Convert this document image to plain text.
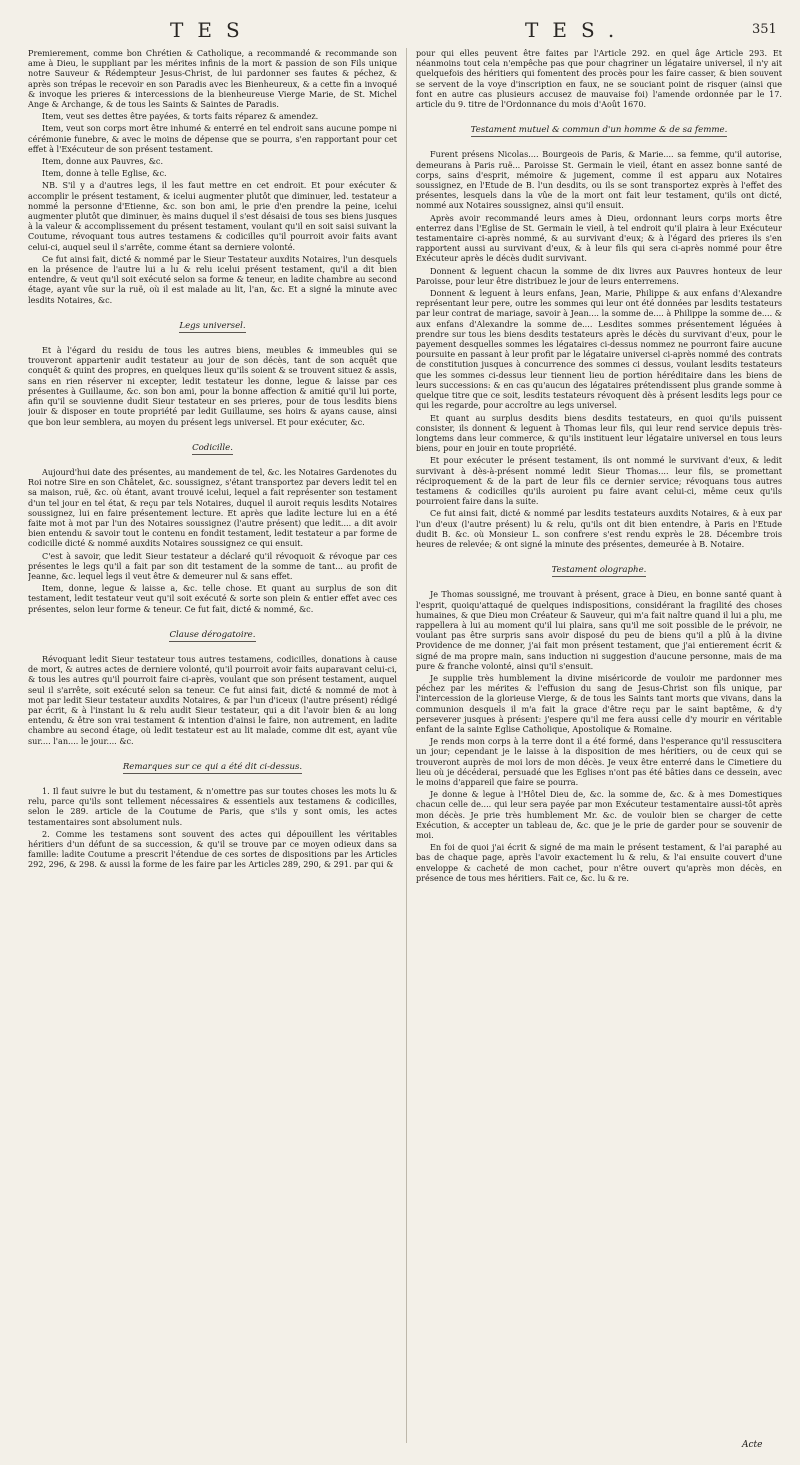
TES	TES.	351

Premierement, comme bon Chrétien & Catholique, a recommandé & recommande son ame à Dieu, le suppliant par les mérites infinis de la mort & passion de son Fils unique notre Sauveur & Rédempteur Jesus-Christ, de lui pardonner ses fautes & péchez, & après son trépas le recevoir en son Paradis avec les Bienheureux, & a cette fin a invoqué & invoque les prieres & intercessions de la bienheureuse Vierge Marie, de St. Michel Ange & Archange, & de tous les Saints & Saintes de Paradis.

Item, veut ses dettes être payées, & torts faits réparez & amendez.

Item, veut son corps mort être inhumé & enterré en tel endroit sans aucune pompe ni cérémonie funebre, & avec le moins de dépense que se pourra, s'en rapportant pour cet effet à l'Exécuteur de son présent testament.

Item, donne aux Pauvres, &c.

Item, donne à telle Eglise, &c.

NB. S'il y a d'autres legs, il les faut mettre en cet endroit. Et pour exécuter & accomplir le présent testament, & icelui augmenter plutôt que diminuer, led. testateur a nommé la personne d'Etienne, &c. son bon ami, le prie d'en prendre la peine, icelui augmenter plutôt que diminuer, ès mains duquel il s'est désaisi de tous ses biens jusques à la valeur & accomplissement du présent testament, voulant qu'il en soit saisi suivant la Coutume, révoquant tous autres testamens & codicilles qu'il pourroit avoir faits avant celui-ci, auquel seul il s'arrête, comme étant sa derniere volonté.

Ce fut ainsi fait, dicté & nommé par le Sieur Testateur auxdits Notaires, l'un desquels en la présence de l'autre lui a lu & relu icelui présent testament, qu'il a dit bien entendre, & veut qu'il soit exécuté selon sa forme & teneur, en ladite chambre au second étage, ayant vûe sur la ruë, où il est malade au lit, l'an, &c. Et a signé la minute avec lesdits Notaires, &c.

Legs universel.

Et à l'égard du residu de tous les autres biens, meubles & immeubles qui se trouveront appartenir audit testateur au jour de son décès, tant de son acquêt que conquêt & quint des propres, en quelques lieux qu'ils soient & se trouvent situez & assis, sans en rien réserver ni excepter, ledit testateur les donne, legue & laisse par ces présentes à Guillaume, &c. son bon ami, pour la bonne affection & amitié qu'il lui porte, afin qu'il se souvienne dudit Sieur testateur en ses prieres, pour de tous lesdits biens jouir & disposer en toute propriété par ledit Guillaume, ses hoirs & ayans cause, ainsi que bon leur semblera, au moyen du présent legs universel. Et pour exécuter, &c.

Codicille.

Aujourd'hui date des présentes, au mandement de tel, &c. les Notaires Gardenotes du Roi notre Sire en son Châtelet, &c. soussignez, s'étant transportez par devers ledit tel en sa maison, ruë, &c. où étant, avant trouvé icelui, lequel a fait représenter son testament d'un tel jour en tel état, & reçu par tels Notaires, duquel il auroit requis lesdits Notaires soussignez, lui en faire présentement lecture. Et après que ladite lecture lui en a été faite mot à mot par l'un des Notaires soussignez (l'autre présent) que ledit.... a dit avoir bien entendu & savoir tout le contenu en fondit testament, ledit testateur a par forme de codicille dicté & nommé auxdits Notaires soussignez ce qui ensuit.

C'est à savoir, que ledit Sieur testateur a déclaré qu'il révoquoit & révoque par ces présentes le legs qu'il a fait par son dit testament de la somme de tant... au profit de Jeanne, &c. lequel legs il veut être & demeurer nul & sans effet.

Item, donne, legue & laisse a, &c. telle chose. Et quant au surplus de son dit testament, ledit testateur veut qu'il soit exécuté & sorte son plein & entier effet avec ces présentes, selon leur forme & teneur. Ce fut fait, dicté & nommé, &c.

Clause dérogatoire.

Révoquant ledit Sieur testateur tous autres testamens, codicilles, donations à cause de mort, & autres actes de derniere volonté, qu'il pourroit avoir faits auparavant celui-ci, & tous les autres qu'il pourroit faire ci-après, voulant que son présent testament, auquel seul il s'arrête, soit exécuté selon sa teneur. Ce fut ainsi fait, dicté & nommé de mot à mot par ledit Sieur testateur auxdits Notaires, & par l'un d'iceux (l'autre présent) rédigé par écrit, & à l'instant lu & relu audit Sieur testateur, qui a dit l'avoir bien & au long entendu, & être son vrai testament & intention d'ainsi le faire, non autrement, en ladite chambre au second étage, où ledit testateur est au lit malade, comme dit est, ayant vûe sur.... l'an.... le jour.... &c.

Remarques sur ce qui a été dit ci-dessus.

1. Il faut suivre le but du testament, & n'omettre pas sur toutes choses les mots lu & relu, parce qu'ils sont tellement nécessaires & essentiels aux testamens & codicilles, selon le 289. article de la Coutume de Paris, que s'ils y sont omis, les actes testamentaires sont absolument nuls.

2. Comme les testamens sont souvent des actes qui dépouillent les véritables héritiers d'un défunt de sa succession, & qu'il se trouve par ce moyen odieux dans sa famille: ladite Coutume a prescrit l'étendue de ces sortes de dispositions par les Articles 292, 296, & 298. & aussi la forme de les faire par les Articles 289, 290, & 291. par qui &

pour qui elles peuvent être faites par l'Article 292. en quel âge Article 293. Et néanmoins tout cela n'empêche pas que pour chagriner un légataire universel, il n'y ait quelquefois des héritiers qui fomentent des procès pour les faire casser, & bien souvent se servent de la voye d'inscription en faux, ne se souciant point de risquer (ainsi que font en autre cas plusieurs accusez de mauvaise foi) l'amende ordonnée par le 17. article du 9. titre de l'Ordonnance du mois d'Août 1670.

Testament mutuel & commun d'un homme & de sa femme.

Furent présens Nicolas.... Bourgeois de Paris, & Marie.... sa femme, qu'il autorise, demeurans à Paris ruë... Paroisse St. Germain le vieil, étant en assez bonne santé de corps, sains d'esprit, mémoire & jugement, comme il est apparu aux Notaires soussignez, en l'Etude de B. l'un desdits, ou ils se sont transportez exprès à l'effet des présentes, lesquels dans la vûe de la mort ont fait leur testament, qu'ils ont dicté, nommé aux Notaires soussignez, ainsi qu'il ensuit.

Après avoir recommandé leurs ames à Dieu, ordonnant leurs corps morts être enterrez dans l'Eglise de St. Germain le vieil, à tel endroit qu'il plaira à leur Exécuteur testamentaire ci-après nommé, & au survivant d'eux; & à l'égard des prieres ils s'en rapportent aussi au survivant d'eux, & à leur fils qui sera ci-après nommé pour être Exécuteur après le décès dudit survivant.

Donnent & leguent chacun la somme de dix livres aux Pauvres honteux de leur Paroisse, pour leur être distribuez le jour de leurs enterremens.

Donnent & leguent à leurs enfans, Jean, Marie, Philippe & aux enfans d'Alexandre représentant leur pere, outre les sommes qui leur ont été données par lesdits testateurs par leur contrat de mariage, savoir à Jean.... la somme de.... à Philippe la somme de.... & aux enfans d'Alexandre la somme de.... Lesdites sommes présentement léguées à prendre sur tous les biens desdits testateurs après le décès du survivant d'eux, pour le payement desquelles sommes les légataires ci-dessus nommez ne pourront faire aucune poursuite en passant à leur profit par le légataire universel ci-après nommé des contrats de constitution jusques à concurrence des sommes ci dessus, voulant lesdits testateurs que les sommes ci-dessus leur tiennent lieu de portion héréditaire dans les biens de leurs successions: & en cas qu'aucun des légataires prétendissent plus grande somme à quelque titre que ce soit, lesdits testateurs révoquent dès à présent lesdits legs pour ce qui les regarde, pour accroître au legs universel.

Et quant au surplus desdits biens desdits testateurs, en quoi qu'ils puissent consister, ils donnent & leguent à Thomas leur fils, qui leur rend service depuis très-longtems dans leur commerce, & qu'ils instituent leur légataire universel en tous leurs biens, pour en jouir en toute propriété.

Et pour exécuter le présent testament, ils ont nommé le survivant d'eux, & ledit survivant à dès-à-présent nommé ledit Sieur Thomas.... leur fils, se promettant réciproquement & de la part de leur fils ce dernier service; révoquans tous autres testamens & codicilles qu'ils auroient pu faire avant celui-ci, même ceux qu'ils pourroient faire dans la suite.

Ce fut ainsi fait, dicté & nommé par lesdits testateurs auxdits Notaires, & à eux par l'un d'eux (l'autre présent) lu & relu, qu'ils ont dit bien entendre, à Paris en l'Etude dudit B. &c. où Monsieur L. son confrere s'est rendu exprès le 28. Décembre trois heures de relevée; & ont signé la minute des présentes, demeurée à B. Notaire.

Testament olographe.

Je Thomas soussigné, me trouvant à présent, grace à Dieu, en bonne santé quant à l'esprit, quoiqu'attaqué de quelques indispositions, considérant la fragilité des choses humaines, & que Dieu mon Créateur & Sauveur, qui m'a fait naître quand il lui a plu, me rappellera à lui au moment qu'il lui plaira, sans qu'il me soit possible de le prévoir, ne voulant pas être surpris sans avoir disposé du peu de biens qu'il a plû à la divine Providence de me donner, j'ai fait mon présent testament, que j'ai entierement écrit & signé de ma propre main, sans induction ni suggestion d'aucune personne, mais de ma pure & franche volonté, ainsi qu'il s'ensuit.

Je supplie très humblement la divine miséricorde de vouloir me pardonner mes péchez par les mérites & l'effusion du sang de Jesus-Christ son fils unique, par l'intercession de la glorieuse Vierge, & de tous les Saints tant morts que vivans, dans la communion desquels il m'a fait la grace d'être reçu par le saint baptême, & d'y perseverer jusques à présent: j'espere qu'il me fera aussi celle d'y mourir en véritable enfant de la sainte Eglise Catholique, Apostolique & Romaine.

Je rends mon corps à la terre dont il a été formé, dans l'esperance qu'il ressuscitera un jour; cependant je le laisse à la disposition de mes héritiers, ou de ceux qui se trouveront auprès de moi lors de mon décès. Je veux être enterré dans le Cimetiere du lieu où je décéderai, persuadé que les Eglises n'ont pas été bâties dans ce dessein, avec le moins d'appareil que faire se pourra.

Je donne & legue à l'Hôtel Dieu de, &c. la somme de, &c. & à mes Domestiques chacun celle de.... qui leur sera payée par mon Exécuteur testamentaire aussi-tôt après mon décès. Je prie très humblement Mr. &c. de vouloir bien se charger de cette Exécution, & accepter un tableau de, &c. que je le prie de garder pour se souvenir de moi.

En foi de quoi j'ai écrit & signé de ma main le présent testament, & l'ai paraphé au bas de chaque page, après l'avoir exactement lu & relu, & l'ai ensuite couvert d'une enveloppe & cacheté de mon cachet, pour n'être ouvert qu'après mon décès, en présence de tous mes héritiers. Fait ce, &c. lu & re.

Acte
